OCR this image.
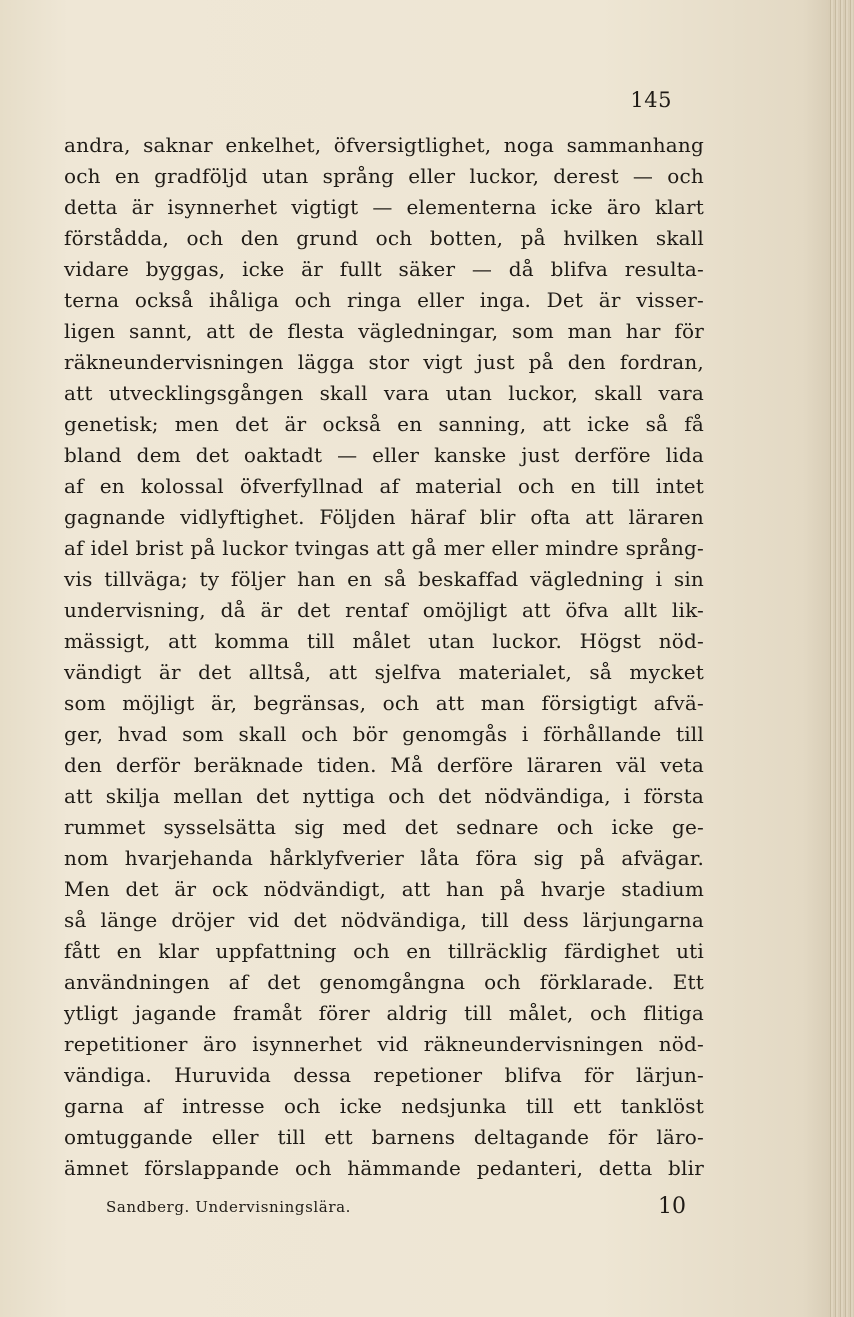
145
andra, saknar enkelhet, öfversigtlighet, noga sammanhang
och en gradföljd utan språng eller luckor, derest — och
detta är isynnerhet vigtigt — elementerna icke äro klart
förstådda, och den grund och botten, på hvilken skall
vidare byggas, icke är fullt säker — då blifva resulta-
terna också ihåliga och ringa eller inga. Det är visser-
ligen sannt, att de flesta vägledningar, som man har för
räkneundervisningen lägga stor vigt just på den fordran,
att utvecklingsgången skall vara utan luckor, skall vara
genetisk; men det är också en sanning, att icke så få
bland dem det oaktadt — eller kanske just derföre lida
af en kolossal öfverfyllnad af material och en till intet
gagnande vidlyftighet. Följden häraf blir ofta att läraren
af idel brist på luckor tvingas att gå mer eller mindre språng-
vis tillväga; ty följer han en så beskaffad vägledning i sin
undervisning, då är det rentaf omöjligt att öfva allt lik-
mässigt, att komma till målet utan luckor. Högst nöd-
vändigt är det alltså, att sjelfva materialet, så mycket
som möjligt är, begränsas, och att man försigtigt afvä-
ger, hvad som skall och bör genomgås i förhållande till
den derför beräknade tiden. Må derföre läraren väl veta
att skilja mellan det nyttiga och det nödvändiga, i första
rummet sysselsätta sig med det sednare och icke ge-
nom hvarjehanda hårklyfverier låta föra sig på afvägar.
Men det är ock nödvändigt, att han på hvarje stadium
så länge dröjer vid det nödvändiga, till dess lärjungarna
fått en klar uppfattning och en tillräcklig färdighet uti
användningen af det genomgångna och förklarade. Ett
ytligt jagande framåt förer aldrig till målet, och flitiga
repetitioner äro isynnerhet vid räkneundervisningen nöd-
vändiga. Huruvida dessa repetioner blifva för lärjun-
garna af intresse och icke nedsjunka till ett tanklöst
omtuggande eller till ett barnens deltagande för läro-
ämnet förslappande och hämmande pedanteri, detta blir
Sandberg. Undervisningslära.	10
